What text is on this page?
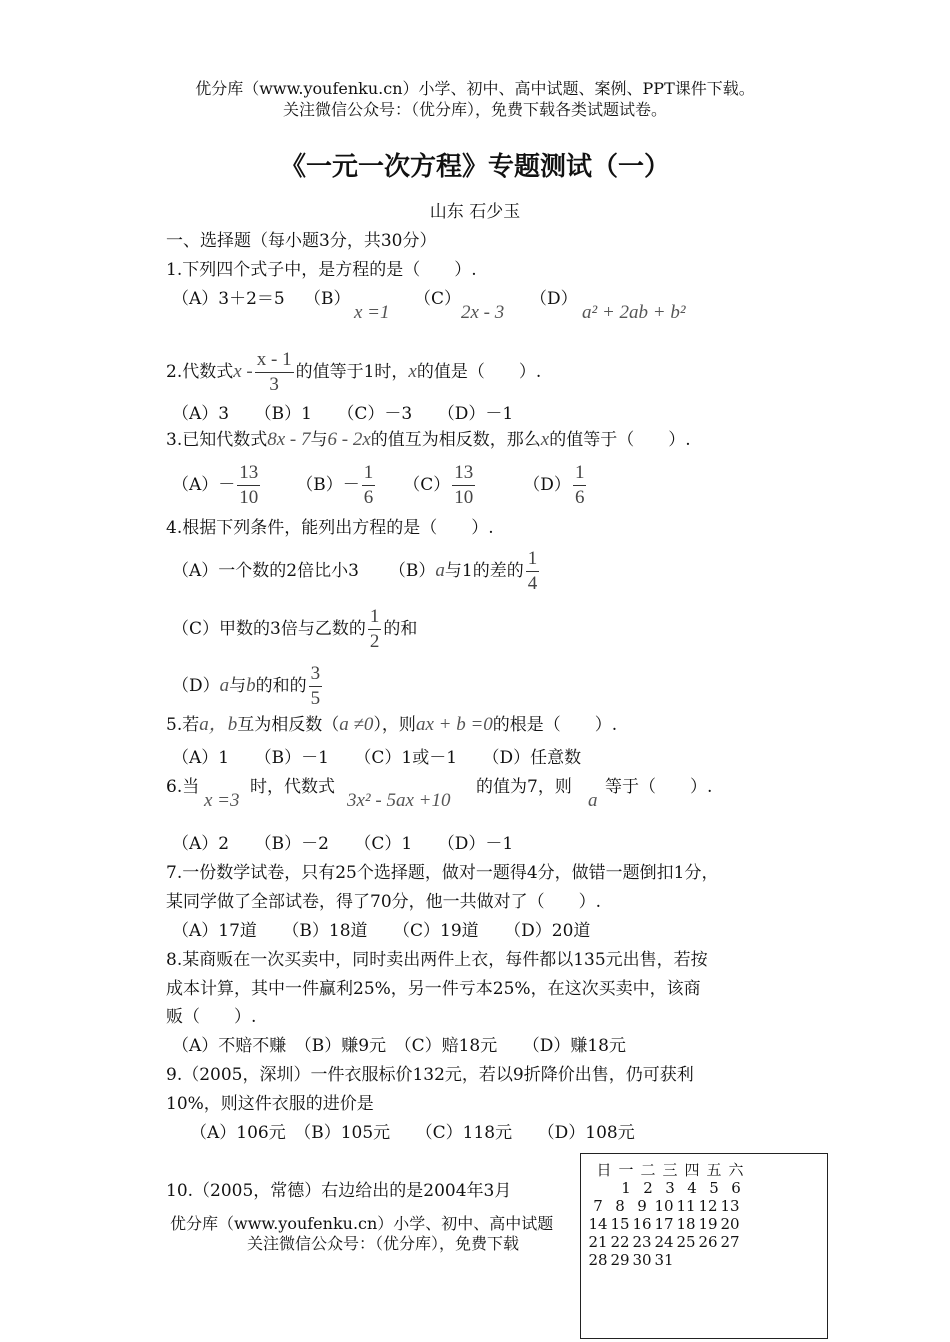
优分库（www.youfenku.cn）小学、初中、高中试题、案例、PPT课件下载。
关注微信公众号：（优分库），免费下载各类试题试卷。
《一元一次方程》专题测试（一）
山东 石少玉
一、选择题（每小题3分，共30分）
1.下列四个式子中，是方程的是（　　）.
（A）3＋2＝5 （B）
x =1
（C）
2x - 3
（D）
a² + 2ab + b²
2.代数式 x - $\frac{x - 1}{3}$ 的值等于1时， x 的值是（　　）.
（A）3　　（B）1　　（C）－3　　（D）－1
3.已知代数式 8x - 7 与 6 - 2x 的值互为相反数，那么 x 的值等于（　　）.
$(A)- \frac{13}{10} (B)- \frac{1}{6} (C) \frac{13}{10}$	$(D) \frac{1}{6}$
4.根据下列条件，能列出方程的是（　　）.
（A）一个数的2倍比小3 （B） a 与1的差的 $\frac{1}{4}$
（C）甲数的3倍与乙数的 $\frac{1}{2}$ 的和
（D） a 与 b 的和的 $\frac{3}{5}$
5.若 a，b 互为相反数（ a ≠0 ），则 ax + b =0 的根是（　　）.
（A）1　　（B）－1　　（C）1或－1　　（D）任意数
6.当
x =3
时，代数式
3x² - 5ax +10
的值为7，则
a
等于（　　）.
（A）2　　（B）－2　　（C）1　　（D）－1
7.一份数学试卷，只有25个选择题，做对一题得4分，做错一题倒扣1分，
某同学做了全部试卷，得了70分，他一共做对了（　　）.
（A）17道　　（B）18道　　（C）19道　　（D）20道
8.某商贩在一次买卖中，同时卖出两件上衣，每件都以135元出售，若按
成本计算，其中一件赢利25%，另一件亏本25%，在这次买卖中，该商
贩（　　）.
（A）不赔不赚　（B）赚9元　（C）赔18元　　（D）赚18元
9.（2005，深圳）一件衣服标价132元，若以9折降价出售，仍可获利
10%，则这件衣服的进价是
（A）106元　（B）105元　　（C）118元　　（D）108元
10.（2005，常德）右边给出的是2004年3月
优分库（www.youfenku.cn）小学、初中、高中试题
关注微信公众号：（优分库），免费下载
日 一 二 三 四 五 六
1 2 3 4 5 6
7 8 9 10 11 12 13
14 15 16 17 18 19 20
21 22 23 24 25 26 27
28 29 30 31
